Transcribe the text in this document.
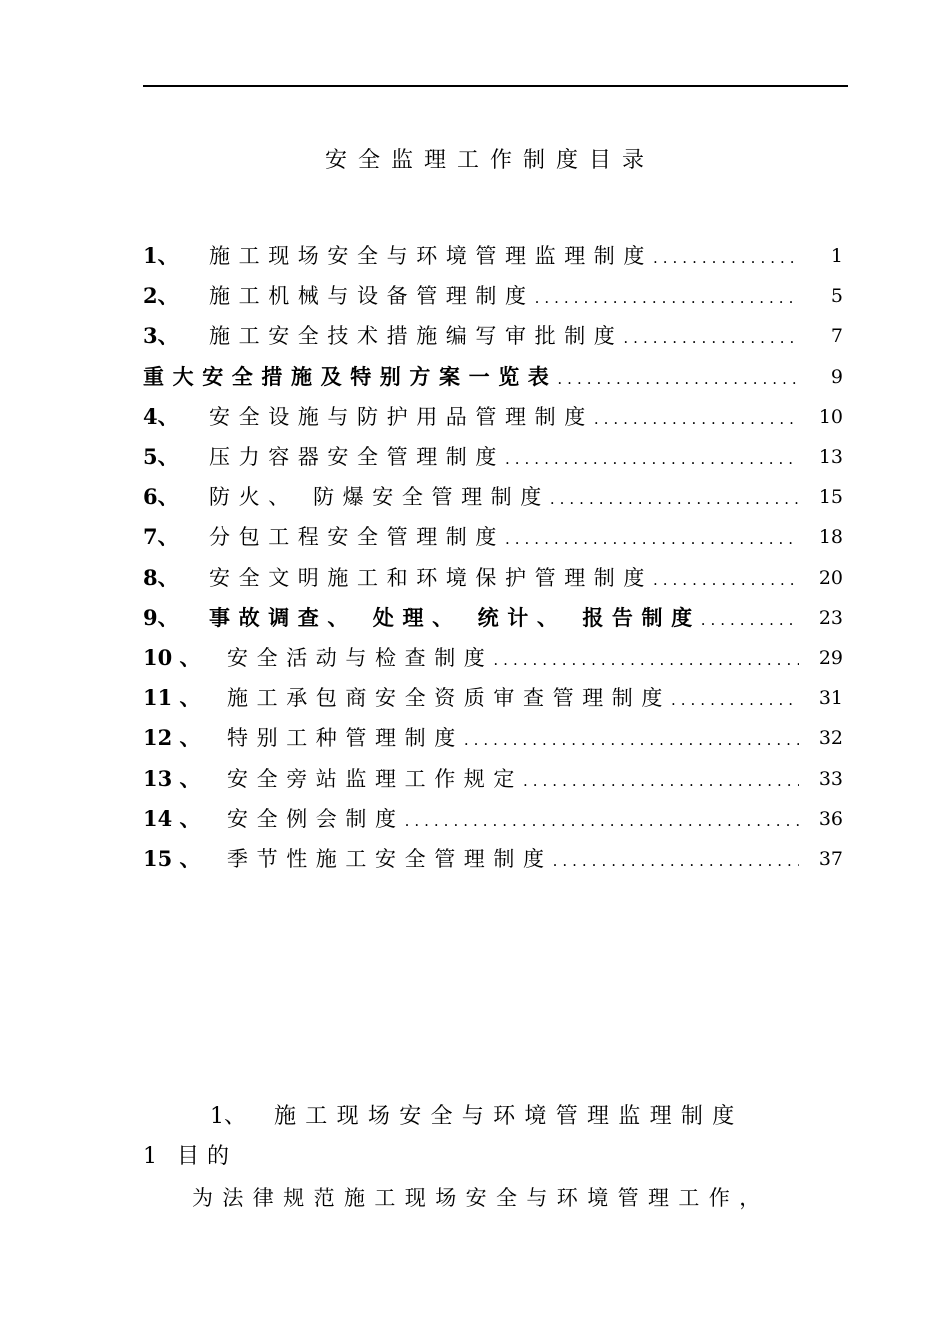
安全监理工作制度目录
1、	施工现场安全与环境管理监理制度 .....	1
2、	施工机械与设备管理制度 .....	5
3、	施工安全技术措施编写审批制度 .....	7
重大安全措施及特别方案一览表 .....	9
4、	安全设施与防护用品管理制度 .....	10
5、	压力容器安全管理制度 .....	13
6、	防火、 防爆安全管理制度 .....	15
7、	分包工程安全管理制度 .....	18
8、	安全文明施工和环境保护管理制度 .....	20
9、	事故调查、 处理、 统计、 报告制度 .....	23
10 、	安全活动与检查制度 .....	29
11 、	施工承包商安全资质审查管理制度 .....	31
12 、	特别工种管理制度 .....	32
13 、	安全旁站监理工作规定 .....	33
14 、	安全例会制度 .....	36
15 、	季节性施工安全管理制度 .....	37
1、 施工现场安全与环境管理监理制度
1 目的
为法律规范施工现场安全与环境管理工作，
